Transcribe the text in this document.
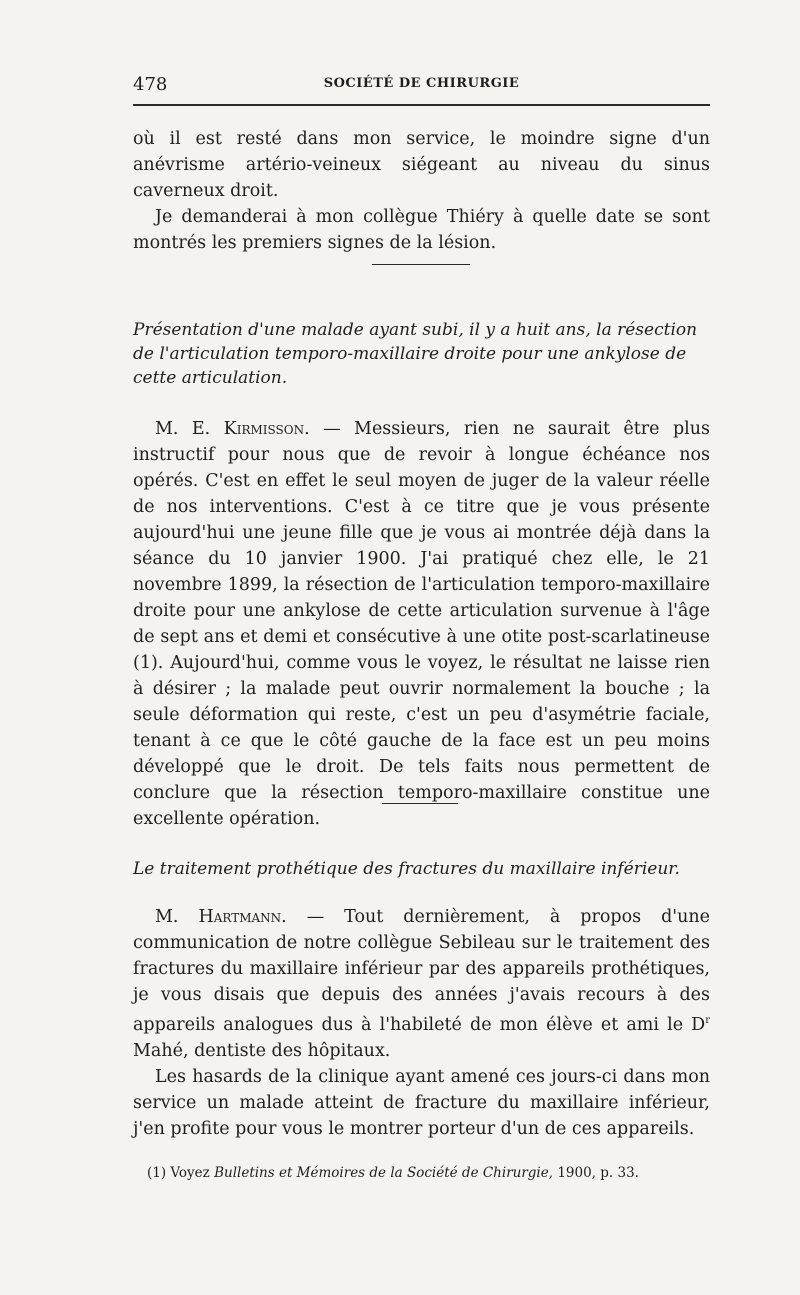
478	SOCIÉTÉ DE CHIRURGIE

où il est resté dans mon service, le moindre signe d'un anévrisme artério-veineux siégeant au niveau du sinus caverneux droit.

Je demanderai à mon collègue Thiéry à quelle date se sont montrés les premiers signes de la lésion.

Présentation d'une malade ayant subi, il y a huit ans, la résection de l'articulation temporo-maxillaire droite pour une ankylose de cette articulation.

M. E. Kirmisson. — Messieurs, rien ne saurait être plus instructif pour nous que de revoir à longue échéance nos opérés. C'est en effet le seul moyen de juger de la valeur réelle de nos interventions. C'est à ce titre que je vous présente aujourd'hui une jeune fille que je vous ai montrée déjà dans la séance du 10 janvier 1900. J'ai pratiqué chez elle, le 21 novembre 1899, la résection de l'articulation temporo-maxillaire droite pour une ankylose de cette articulation survenue à l'âge de sept ans et demi et consécutive à une otite post-scarlatineuse (1). Aujourd'hui, comme vous le voyez, le résultat ne laisse rien à désirer ; la malade peut ouvrir normalement la bouche ; la seule déformation qui reste, c'est un peu d'asymétrie faciale, tenant à ce que le côté gauche de la face est un peu moins développé que le droit. De tels faits nous permettent de conclure que la résection temporo-maxillaire constitue une excellente opération.

Le traitement prothétique des fractures du maxillaire inférieur.

M. Hartmann. — Tout dernièrement, à propos d'une communication de notre collègue Sebileau sur le traitement des fractures du maxillaire inférieur par des appareils prothétiques, je vous disais que depuis des années j'avais recours à des appareils analogues dus à l'habileté de mon élève et ami le $D^r$ Mahé, dentiste des hôpitaux.

Les hasards de la clinique ayant amené ces jours-ci dans mon service un malade atteint de fracture du maxillaire inférieur, j'en profite pour vous le montrer porteur d'un de ces appareils.

(1) Voyez Bulletins et Mémoires de la Société de Chirurgie, 1900, p. 33.
